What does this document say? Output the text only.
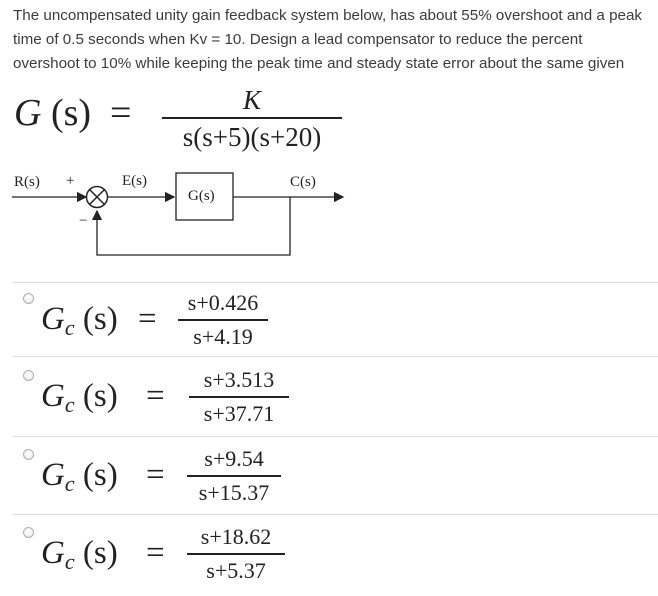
The uncompensated unity gain feedback system below, has about 55% overshoot and a peak time of 0.5 seconds when Kv = 10. Design a lead compensator to reduce the percent overshoot to 10% while keeping the peak time and steady state error about the same given

G (s) =	K
s(s+5)(s+20)
R(s) +
−
E(s)
G(s)
C(s)
Gc (s) =	s+0.426
s+4.19
Gc (s) =	s+3.513
s+37.71
Gc (s) =	s+9.54
s+15.37
Gc (s) =	s+18.62
s+5.37
